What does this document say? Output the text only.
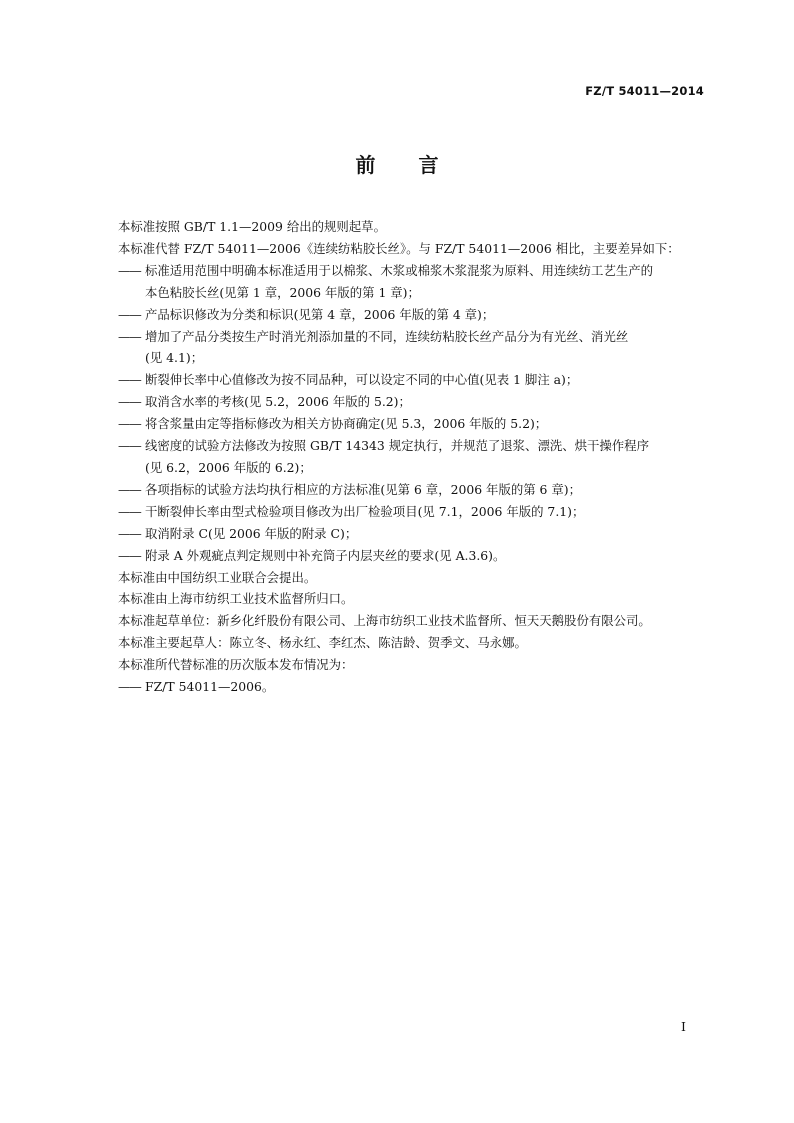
FZ/T 54011—2014
前 言

本标准按照 GB/T 1.1—2009 给出的规则起草。

本标准代替 FZ/T 54011—2006《连续纺粘胶长丝》。与 FZ/T 54011—2006 相比，主要差异如下：

—— 标准适用范围中明确本标准适用于以棉浆、木浆或棉浆木浆混浆为原料、用连续纺工艺生产的
本色粘胶长丝(见第 1 章，2006 年版的第 1 章)；
—— 产品标识修改为分类和标识(见第 4 章，2006 年版的第 4 章)；
—— 增加了产品分类按生产时消光剂添加量的不同，连续纺粘胶长丝产品分为有光丝、消光丝
(见 4.1)；
—— 断裂伸长率中心值修改为按不同品种，可以设定不同的中心值(见表 1 脚注 a)；
—— 取消含水率的考核(见 5.2，2006 年版的 5.2)；
—— 将含浆量由定等指标修改为相关方协商确定(见 5.3，2006 年版的 5.2)；
—— 线密度的试验方法修改为按照 GB/T 14343 规定执行，并规范了退浆、漂洗、烘干操作程序
(见 6.2，2006 年版的 6.2)；
—— 各项指标的试验方法均执行相应的方法标准(见第 6 章，2006 年版的第 6 章)；
—— 干断裂伸长率由型式检验项目修改为出厂检验项目(见 7.1，2006 年版的 7.1)；
—— 取消附录 C(见 2006 年版的附录 C)；
—— 附录 A 外观疵点判定规则中补充筒子内层夹丝的要求(见 A.3.6)。

本标准由中国纺织工业联合会提出。

本标准由上海市纺织工业技术监督所归口。

本标准起草单位：新乡化纤股份有限公司、上海市纺织工业技术监督所、恒天天鹅股份有限公司。

本标准主要起草人：陈立冬、杨永红、李红杰、陈洁龄、贺季文、马永娜。

本标准所代替标准的历次版本发布情况为：

—— FZ/T 54011—2006。
I
